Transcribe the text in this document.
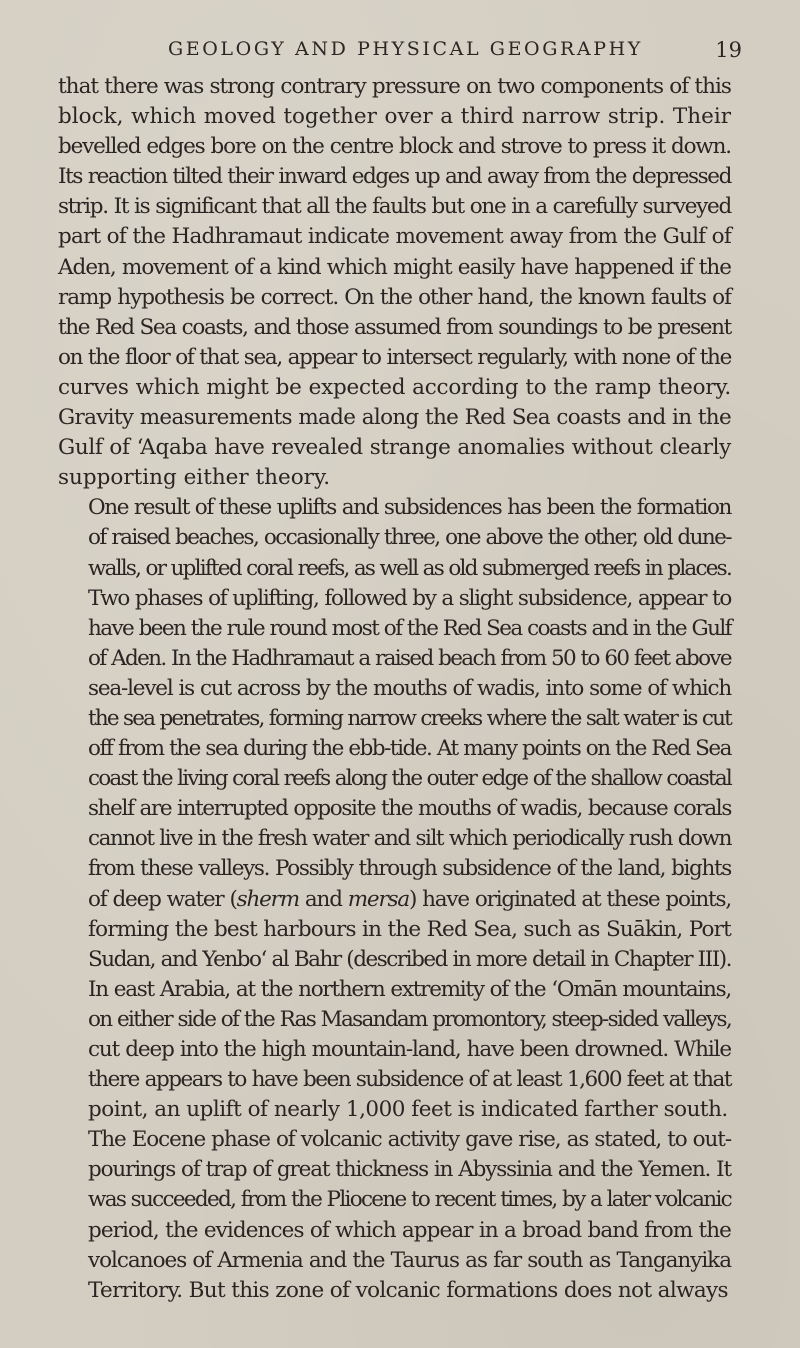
GEOLOGY AND PHYSICAL GEOGRAPHY	19
that there was strong contrary pressure on two components of this
block, which moved together over a third narrow strip. Their
bevelled edges bore on the centre block and strove to press it down.
Its reaction tilted their inward edges up and away from the depressed
strip. It is significant that all the faults but one in a carefully surveyed
part of the Hadhramaut indicate movement away from the Gulf of
Aden, movement of a kind which might easily have happened if the
ramp hypothesis be correct. On the other hand, the known faults of
the Red Sea coasts, and those assumed from soundings to be present
on the floor of that sea, appear to intersect regularly, with none of the
curves which might be expected according to the ramp theory.
Gravity measurements made along the Red Sea coasts and in the
Gulf of ‘Aqaba have revealed strange anomalies without clearly
supporting either theory.
One result of these uplifts and subsidences has been the formation
of raised beaches, occasionally three, one above the other, old dune-
walls, or uplifted coral reefs, as well as old submerged reefs in places.
Two phases of uplifting, followed by a slight subsidence, appear to
have been the rule round most of the Red Sea coasts and in the Gulf
of Aden. In the Hadhramaut a raised beach from 50 to 60 feet above
sea-level is cut across by the mouths of wadis, into some of which
the sea penetrates, forming narrow creeks where the salt water is cut
off from the sea during the ebb-tide. At many points on the Red Sea
coast the living coral reefs along the outer edge of the shallow coastal
shelf are interrupted opposite the mouths of wadis, because corals
cannot live in the fresh water and silt which periodically rush down
from these valleys. Possibly through subsidence of the land, bights
of deep water (sherm and mersa) have originated at these points,
forming the best harbours in the Red Sea, such as Suākin, Port
Sudan, and Yenbo‘ al Bahr (described in more detail in Chapter III).
In east Arabia, at the northern extremity of the ‘Omān mountains,
on either side of the Ras Masandam promontory, steep-sided valleys,
cut deep into the high mountain-land, have been drowned. While
there appears to have been subsidence of at least 1,600 feet at that
point, an uplift of nearly 1,000 feet is indicated farther south.
The Eocene phase of volcanic activity gave rise, as stated, to out-
pourings of trap of great thickness in Abyssinia and the Yemen. It
was succeeded, from the Pliocene to recent times, by a later volcanic
period, the evidences of which appear in a broad band from the
volcanoes of Armenia and the Taurus as far south as Tanganyika
Territory. But this zone of volcanic formations does not always
